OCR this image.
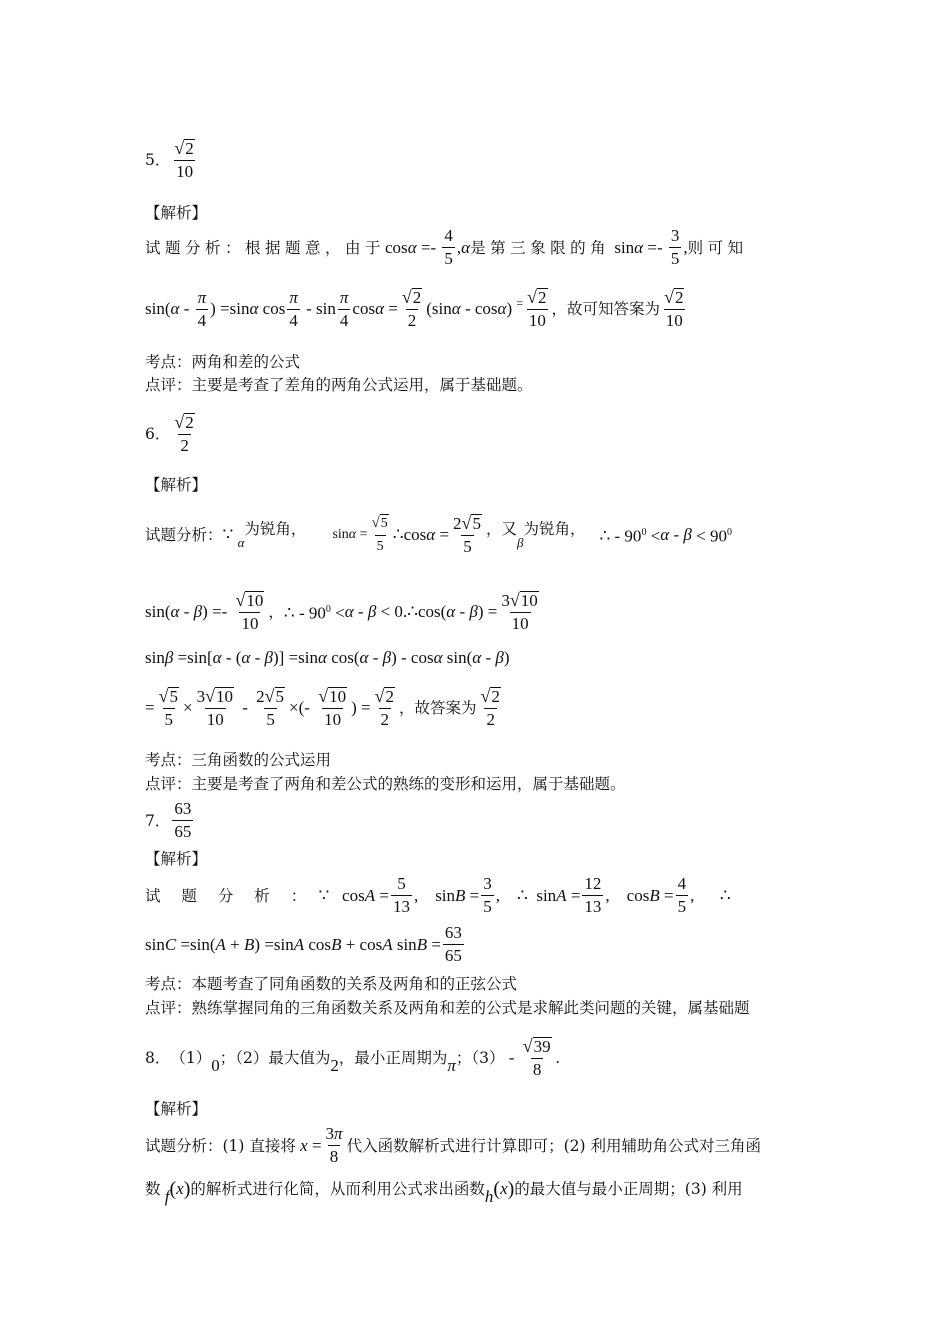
5． $\frac{√ 2}{10}$
【解析】
试题分析：根据题意，由于 $\cos \alpha =- \frac{4}{5}$ , α 是第三象限的角 $\sin \alpha =- \frac{3}{5}$ , 则可知
sin( α - $\frac{\pi}{4}$ ) =sin α $\cos \frac{\pi}{4}$ - $\sin \frac{\pi}{4}$ $\cos \alpha = \frac{√ 2}{2} (\sin$ α - cos α ) = $\frac{√ 2}{10}$ ，故可知答案为 $\frac{√ 2}{10}$
考点：两角和差的公式
点评：主要是考查了差角的两角公式运用，属于基础题。
6． $\frac{√ 2}{2}$
【解析】
试题分析： ∵ α
为锐角， $\sin \alpha = \frac{√ 5}{5}$ ∴cos $\alpha = \frac{2 √ 5}{5}$ ，又
β
为锐角， ∴ - $90^0 < \alpha - \beta < 90^0$
sin( α - β ) =- $\frac{√ 10}{10}$ ， ∴ - $90^0 < \alpha - \beta$ < 0.∴cos( α - β ) = $\frac{3 √ 10}{10}$
sin β =sin[ α - ( α - β )] =sin α cos( α - β ) - cos α sin( α - β )
= $\frac{√ 5}{5} \times \frac{3 √ 10}{10} - \frac{2 √ 5}{5}$ ×(- $\frac{√ 10}{10}$ ) = $\frac{√ 2}{2}$ ，故答案为 $\frac{√ 2}{2}$
考点：三角函数的公式运用
点评：主要是考查了两角和差公式的熟练的变形和运用，属于基础题。
7． $\frac{63}{65}$
【解析】
试 题 分 析 ： ∵   $\cos A = \frac{5}{13}$ ,    $\sin B = \frac{3}{5}$ ,    ∴  $\sin A = \frac{12}{13}$ ,    $\cos B = \frac{4}{5}$ ,      ∴
sin C =sin( A + B ) =sin A cos B + cos A $\sin B = \frac{63}{65}$
考点：本题考查了同角函数的关系及两角和的正弦公式
点评：熟练掌握同角的三角函数关系及两角和差的公式是求解此类问题的关键，属基础题
8． （1） 0 ；（2）最大值为 2 ，最小正周期为 π ；$(3) - \frac{√ 39}{8}$ .
【解析】
试题分析：(1) 直接将 $x = \frac{3\pi}{8}$ 代入函数解析式进行计算即可；(2) 利用辅助角公式对三角函
数 f ( x ) 的解析式进行化简，从而利用公式求出函数 h ( x ) 的最大值与最小正周期；(3) 利用
